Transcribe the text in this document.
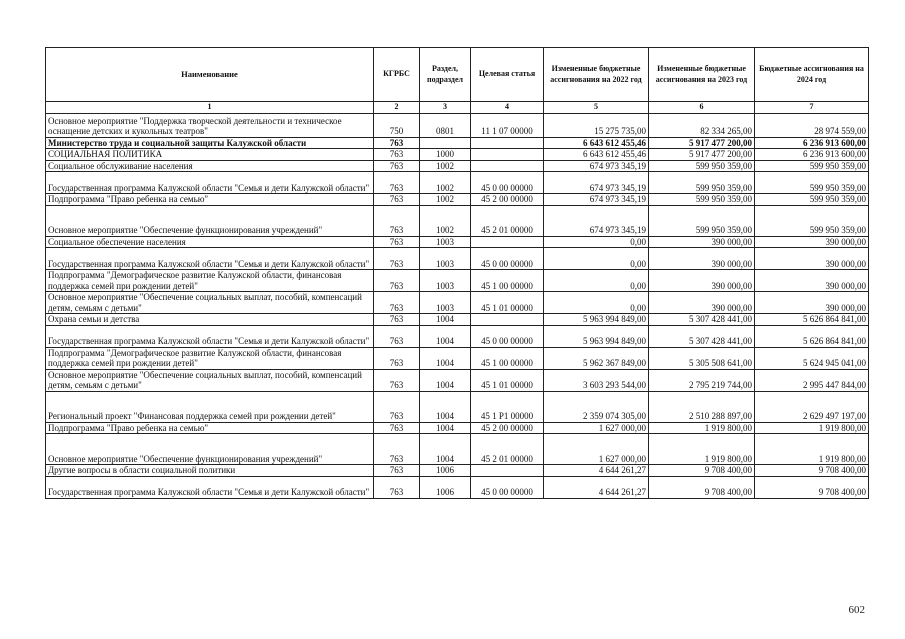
Наименование	КГРБС	Раздел, подраздел	Целевая статья	Измененные бюджетные ассигнования на 2022 год	Измененные бюджетные ассигнования на 2023 год	Бюджетные ассигнования на 2024 год
1	2	3	4	5	6	7
Основное мероприятие "Поддержка творческой деятельности и техническое оснащение детских и кукольных театров"	750	0801	11 1 07 00000	15 275 735,00	82 334 265,00	28 974 559,00
Министерство труда и социальной защиты Калужской области	763			6 643 612 455,46	5 917 477 200,00	6 236 913 600,00
СОЦИАЛЬНАЯ ПОЛИТИКА	763	1000		6 643 612 455,46	5 917 477 200,00	6 236 913 600,00
Социальное обслуживание населения	763	1002		674 973 345,19	599 950 359,00	599 950 359,00
Государственная программа Калужской области "Семья и дети Калужской области"	763	1002	45 0 00 00000	674 973 345,19	599 950 359,00	599 950 359,00
Подпрограмма "Право ребенка на семью"	763	1002	45 2 00 00000	674 973 345,19	599 950 359,00	599 950 359,00
Основное мероприятие "Обеспечение функционирования учреждений"	763	1002	45 2 01 00000	674 973 345,19	599 950 359,00	599 950 359,00
Социальное обеспечение населения	763	1003		0,00	390 000,00	390 000,00
Государственная программа Калужской области "Семья и дети Калужской области"	763	1003	45 0 00 00000	0,00	390 000,00	390 000,00
Подпрограмма "Демографическое развитие Калужской области, финансовая поддержка семей при рождении детей"	763	1003	45 1 00 00000	0,00	390 000,00	390 000,00
Основное мероприятие "Обеспечение социальных выплат, пособий, компенсаций детям, семьям с детьми"	763	1003	45 1 01 00000	0,00	390 000,00	390 000,00
Охрана семьи и детства	763	1004		5 963 994 849,00	5 307 428 441,00	5 626 864 841,00
Государственная программа Калужской области "Семья и дети Калужской области"	763	1004	45 0 00 00000	5 963 994 849,00	5 307 428 441,00	5 626 864 841,00
Подпрограмма "Демографическое развитие Калужской области, финансовая поддержка семей при рождении детей"	763	1004	45 1 00 00000	5 962 367 849,00	5 305 508 641,00	5 624 945 041,00
Основное мероприятие "Обеспечение социальных выплат, пособий, компенсаций детям, семьям с детьми"	763	1004	45 1 01 00000	3 603 293 544,00	2 795 219 744,00	2 995 447 844,00
Региональный проект "Финансовая поддержка семей при рождении детей"	763	1004	45 1 P1 00000	2 359 074 305,00	2 510 288 897,00	2 629 497 197,00
Подпрограмма "Право ребенка на семью"	763	1004	45 2 00 00000	1 627 000,00	1 919 800,00	1 919 800,00
Основное мероприятие "Обеспечение функционирования учреждений"	763	1004	45 2 01 00000	1 627 000,00	1 919 800,00	1 919 800,00
Другие вопросы в области социальной политики	763	1006		4 644 261,27	9 708 400,00	9 708 400,00
Государственная программа Калужской области "Семья и дети Калужской области"	763	1006	45 0 00 00000	4 644 261,27	9 708 400,00	9 708 400,00
602
